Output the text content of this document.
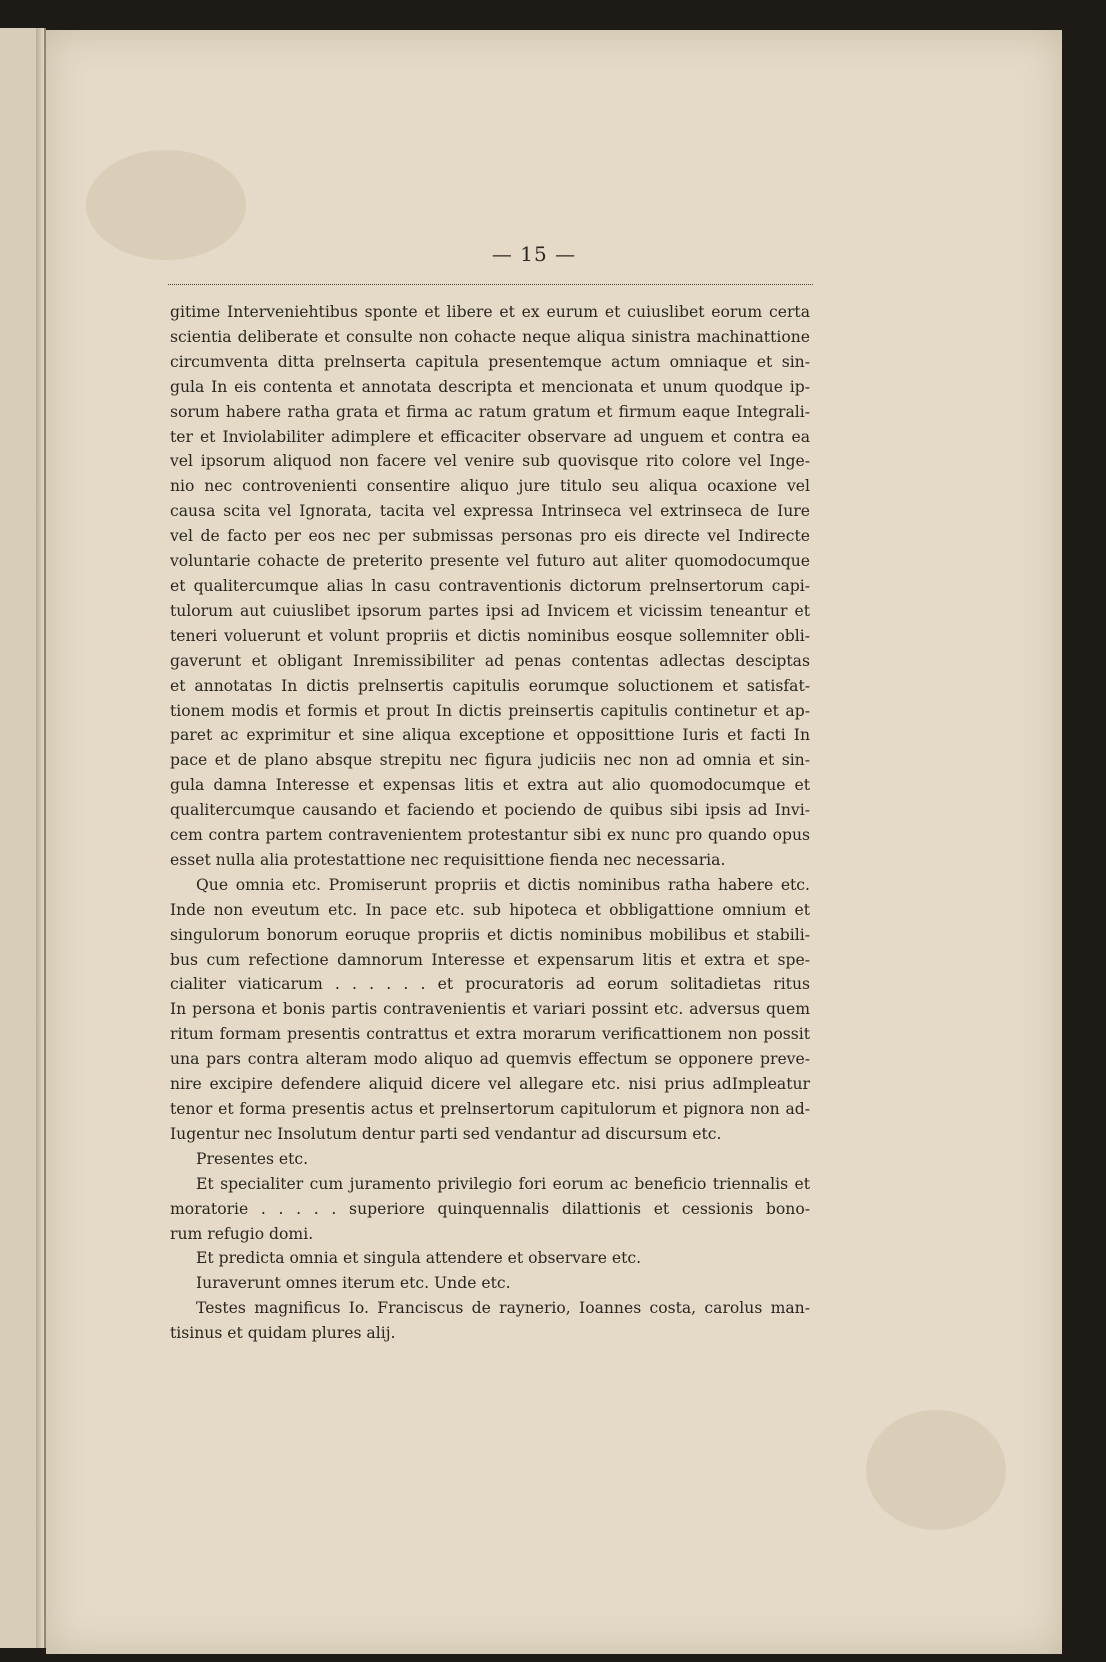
— 15 —
gitime Interveniehtibus sponte et libere et ex eurum et cuiuslibet eorum certa
scientia deliberate et consulte non cohacte neque aliqua sinistra machinattione
circumventa ditta prelnserta capitula presentemque actum omniaque et sin-
gula In eis contenta et annotata descripta et mencionata et unum quodque ip-
sorum habere ratha grata et firma ac ratum gratum et firmum eaque Integrali-
ter et Inviolabiliter adimplere et efficaciter observare ad unguem et contra ea
vel ipsorum aliquod non facere vel venire sub quovisque rito colore vel Inge-
nio nec controvenienti consentire aliquo jure titulo seu aliqua ocaxione vel
causa scita vel Ignorata, tacita vel expressa Intrinseca vel extrinseca de Iure
vel de facto per eos nec per submissas personas pro eis directe vel Indirecte
voluntarie cohacte de preterito presente vel futuro aut aliter quomodocumque
et qualitercumque alias ln casu contraventionis dictorum prelnsertorum capi-
tulorum aut cuiuslibet ipsorum partes ipsi ad Invicem et vicissim teneantur et
teneri voluerunt et volunt propriis et dictis nominibus eosque sollemniter obli-
gaverunt et obligant Inremissibiliter ad penas contentas adlectas desciptas
et annotatas In dictis prelnsertis capitulis eorumque soluctionem et satisfat-
tionem modis et formis et prout In dictis preinsertis capitulis continetur et ap-
paret ac exprimitur et sine aliqua exceptione et opposittione Iuris et facti In
pace et de plano absque strepitu nec figura judiciis nec non ad omnia et sin-
gula damna Interesse et expensas litis et extra aut alio quomodocumque et
qualitercumque causando et faciendo et pociendo de quibus sibi ipsis ad Invi-
cem contra partem contravenientem protestantur sibi ex nunc pro quando opus
esset nulla alia protestattione nec requisittione fienda nec necessaria.
Que omnia etc. Promiserunt propriis et dictis nominibus ratha habere etc.
Inde non eveutum etc. In pace etc. sub hipoteca et obbligattione omnium et
singulorum bonorum eoruque propriis et dictis nominibus mobilibus et stabili-
bus cum refectione damnorum Interesse et expensarum litis et extra et spe-
cialiter viaticarum . . . . . . et procuratoris ad eorum solitadietas ritus
In persona et bonis partis contravenientis et variari possint etc. adversus quem
ritum formam presentis contrattus et extra morarum verificattionem non possit
una pars contra alteram modo aliquo ad quemvis effectum se opponere preve-
nire excipire defendere aliquid dicere vel allegare etc. nisi prius adImpleatur
tenor et forma presentis actus et prelnsertorum capitulorum et pignora non ad-
Iugentur nec Insolutum dentur parti sed vendantur ad discursum etc.
Presentes etc.
Et specialiter cum juramento privilegio fori eorum ac beneficio triennalis et
moratorie . . . . . superiore quinquennalis dilattionis et cessionis bono-
rum refugio domi.
Et predicta omnia et singula attendere et observare etc.
Iuraverunt omnes iterum etc. Unde etc.
Testes magnificus Io. Franciscus de raynerio, Ioannes costa, carolus man-
tisinus et quidam plures alij.
